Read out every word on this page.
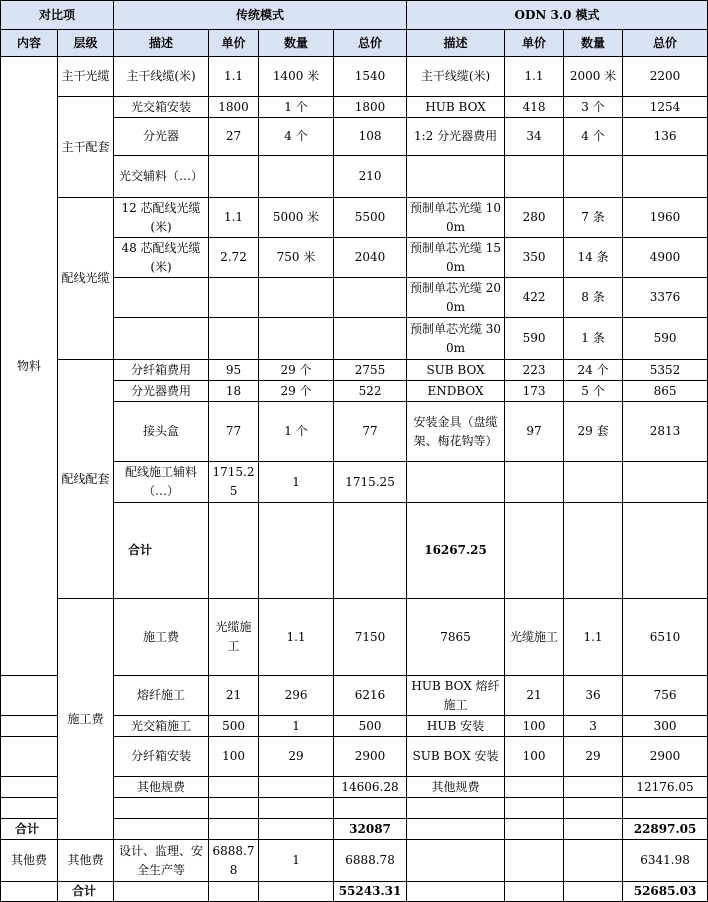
对比项		传统模式				ODN 3.0 模式				
内容	层级	描述	单价	数量	总价	描述	单价	数量	总价	
物料	主干光缆	主干线缆(米)	1.1	1400 米	1540	主干线缆(米)	1.1	2000 米	2200	
	主干配套	光交箱安装	1800	1 个	1800	HUB BOX	418	3 个	1254	
		分光器	27	4 个	108	1:2 分光器费用	34	4 个	136	
		光交辅料（…）			210					
	配线光缆	12 芯配线光缆(米)	1.1	5000 米	5500	预制单芯光缆 100m	280	7 条	1960	
		48 芯配线光缆(米)	2.72	750 米	2040	预制单芯光缆 150m	350	14 条	4900	
						预制单芯光缆 200m	422	8 条	3376	
						预制单芯光缆 300m	590	1 条	590	
	配线配套	分纤箱费用	95	29 个	2755	SUB BOX	223	24 个	5352	
		分光器费用	18	29 个	522	ENDBOX	173	5 个	865	
		接头盒	77	1 个	77	安装金具（盘缆架、梅花钩等）	97	29 套	2813	
		配线施工辅料（…）	1715.25	1	1715.25					
		合计				16267.25				
	施工费	施工费	光缆施工	1.1	7150	7865	光缆施工	1.1	6510	
		熔纤施工	21	296	6216	HUB BOX 熔纤施工	21	36	756	
		光交箱施工	500	1	500	HUB 安装	100	3	300	
		分纤箱安装	100	29	2900	SUB BOX 安装	100	29	2900	
		其他规费			14606.28	其他规费			12176.05	

合计					32087				22897.05	
其他费	其他费	设计、监理、安全生产等	6888.78	1	6888.78				6341.98	
	合计				55243.31				52685.03	
